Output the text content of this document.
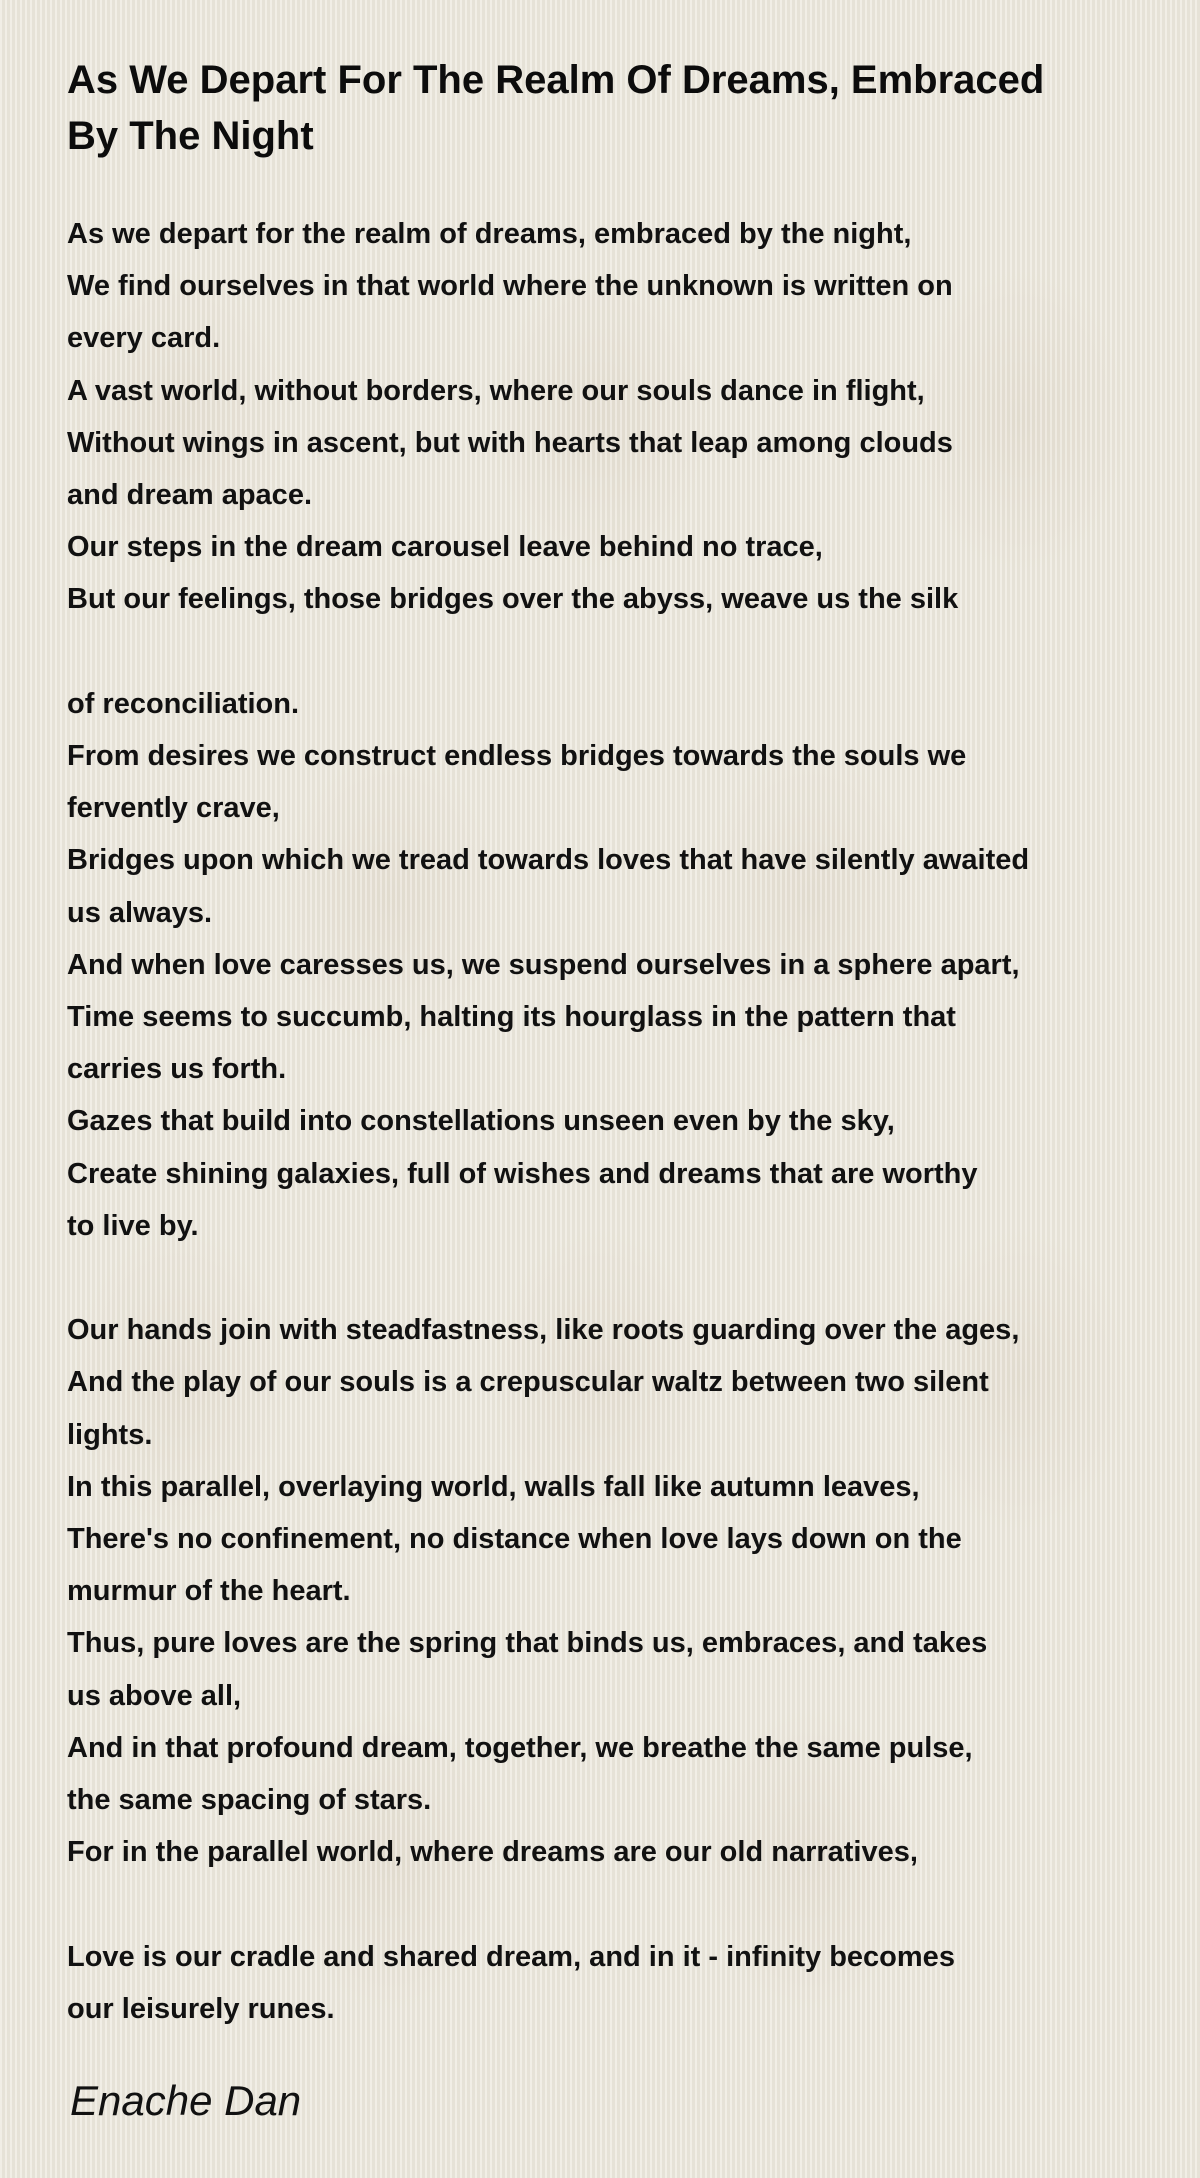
As We Depart For The Realm Of Dreams, Embraced
By The Night
As we depart for the realm of dreams, embraced by the night,
We find ourselves in that world where the unknown is written on
every card.
A vast world, without borders, where our souls dance in flight,
Without wings in ascent, but with hearts that leap among clouds
and dream apace.
Our steps in the dream carousel leave behind no trace,
But our feelings, those bridges over the abyss, weave us the silk
of reconciliation.
From desires we construct endless bridges towards the souls we
fervently crave,
Bridges upon which we tread towards loves that have silently awaited
us always.
And when love caresses us, we suspend ourselves in a sphere apart,
Time seems to succumb, halting its hourglass in the pattern that
carries us forth.
Gazes that build into constellations unseen even by the sky,
Create shining galaxies, full of wishes and dreams that are worthy
to live by.
Our hands join with steadfastness, like roots guarding over the ages,
And the play of our souls is a crepuscular waltz between two silent
lights.
In this parallel, overlaying world, walls fall like autumn leaves,
There's no confinement, no distance when love lays down on the
murmur of the heart.
Thus, pure loves are the spring that binds us, embraces, and takes
us above all,
And in that profound dream, together, we breathe the same pulse,
the same spacing of stars.
For in the parallel world, where dreams are our old narratives,
Love is our cradle and shared dream, and in it - infinity becomes
our leisurely runes.
Enache Dan
